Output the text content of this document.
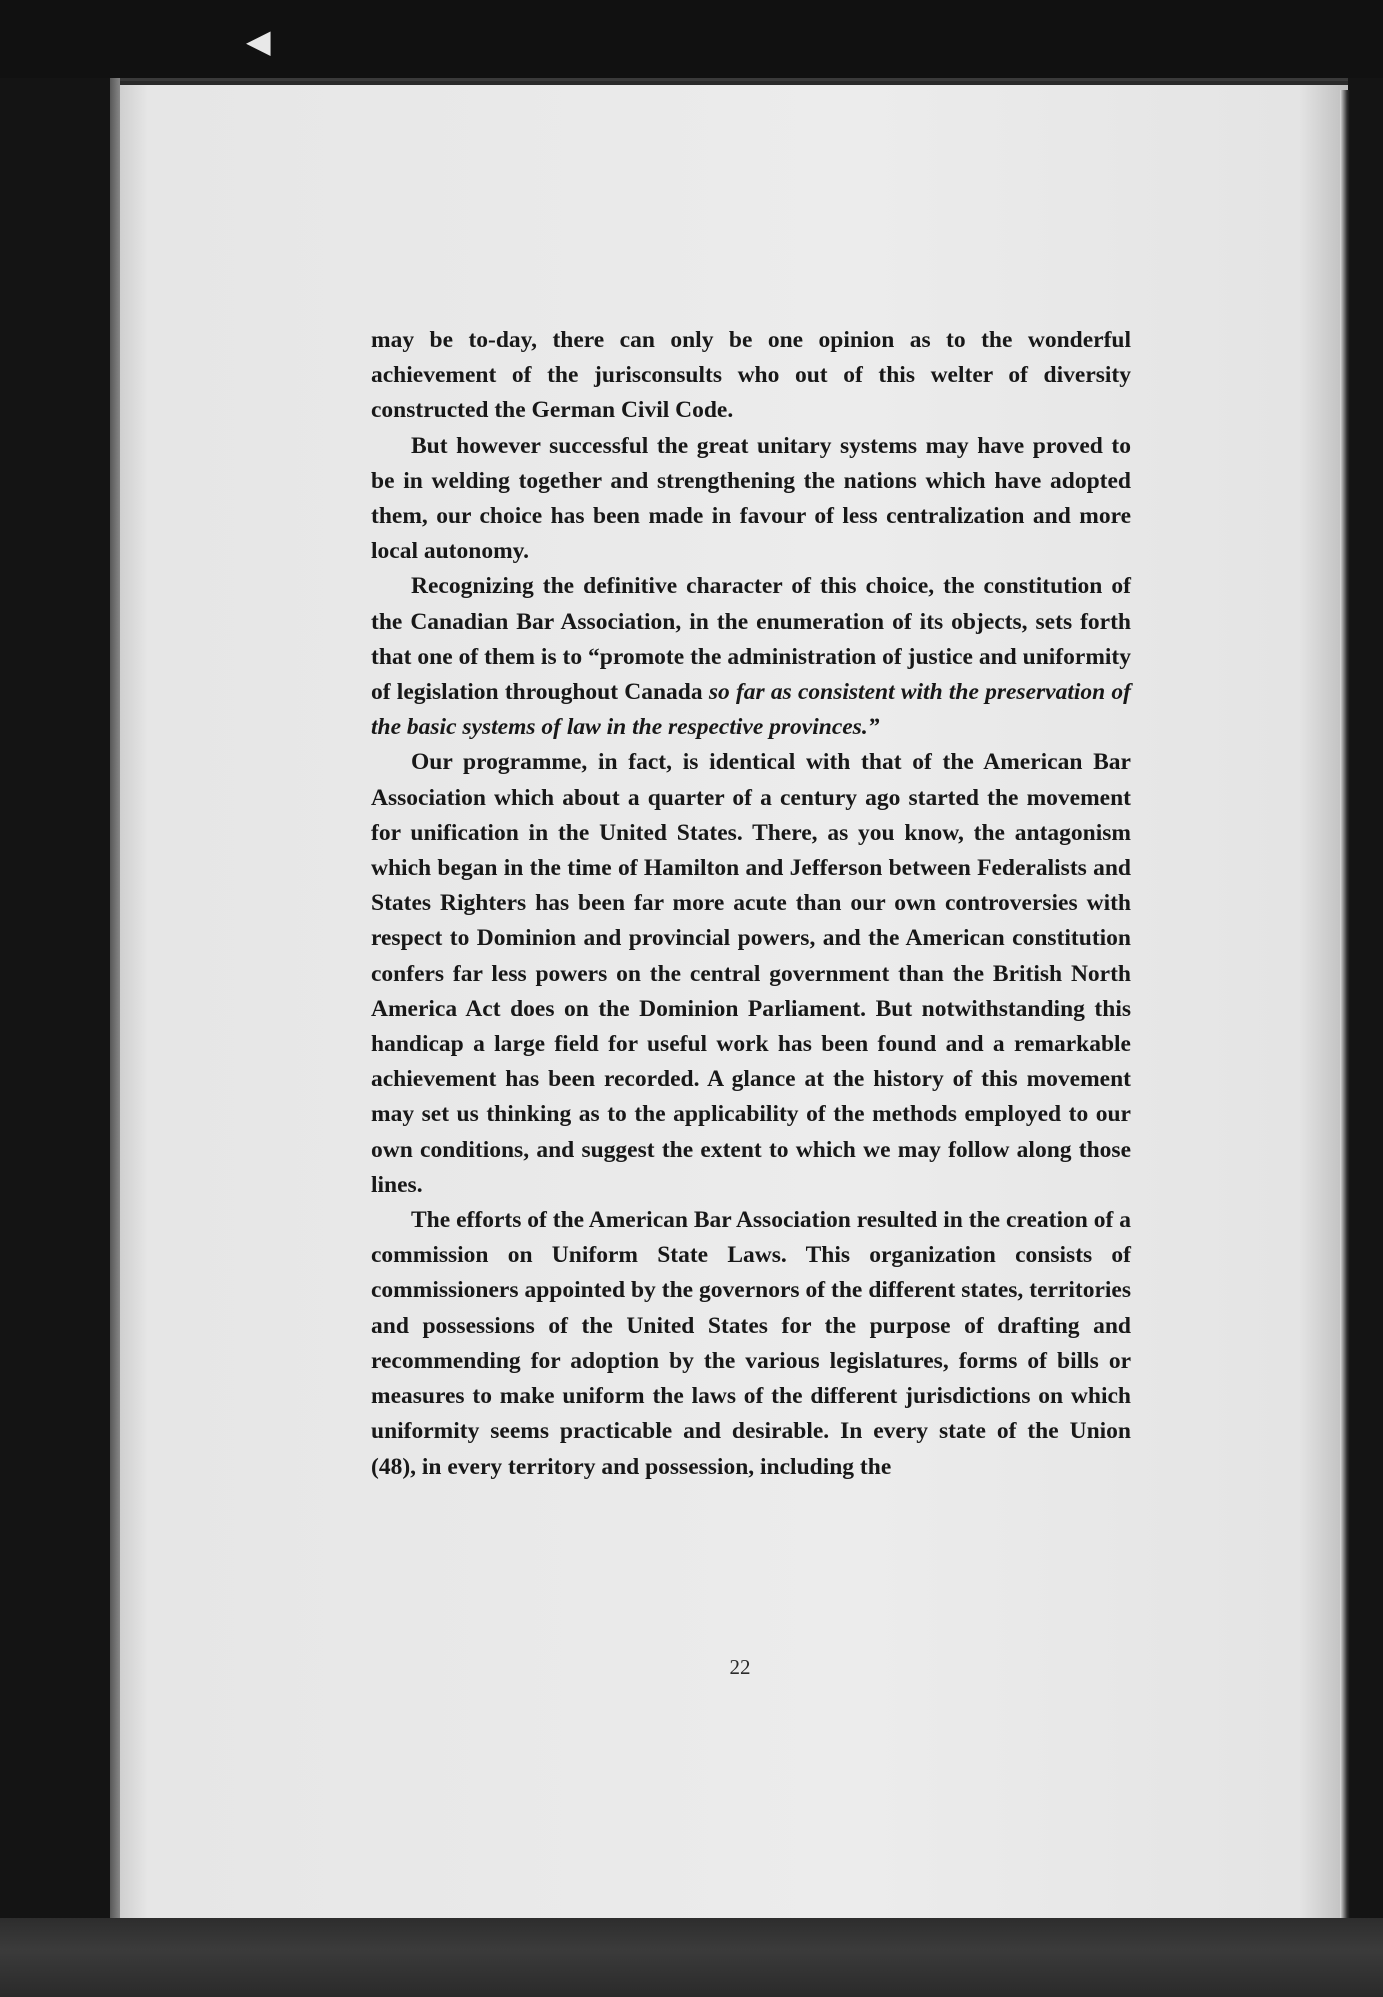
◀

may be to-day, there can only be one opinion as to the wonderful achievement of the jurisconsults who out of this welter of diversity constructed the German Civil Code.

But however successful the great unitary systems may have proved to be in welding together and strengthening the nations which have adopted them, our choice has been made in favour of less centralization and more local autonomy.

Recognizing the definitive character of this choice, the constitution of the Canadian Bar Association, in the enumeration of its objects, sets forth that one of them is to “promote the administration of justice and uniformity of legislation throughout Canada so far as consistent with the preservation of the basic systems of law in the respective provinces.”

Our programme, in fact, is identical with that of the American Bar Association which about a quarter of a century ago started the movement for unification in the United States. There, as you know, the antagonism which began in the time of Hamilton and Jefferson between Federalists and States Righters has been far more acute than our own controversies with respect to Dominion and provincial powers, and the American constitution confers far less powers on the central government than the British North America Act does on the Dominion Parliament. But notwithstanding this handicap a large field for useful work has been found and a remarkable achievement has been recorded. A glance at the history of this movement may set us thinking as to the applicability of the methods employed to our own conditions, and suggest the extent to which we may follow along those lines.

The efforts of the American Bar Association resulted in the creation of a commission on Uniform State Laws. This organization consists of commissioners appointed by the governors of the different states, territories and possessions of the United States for the purpose of drafting and recommending for adoption by the various legislatures, forms of bills or measures to make uniform the laws of the different jurisdictions on which uniformity seems practicable and desirable. In every state of the Union (48), in every territory and possession, including the

22
